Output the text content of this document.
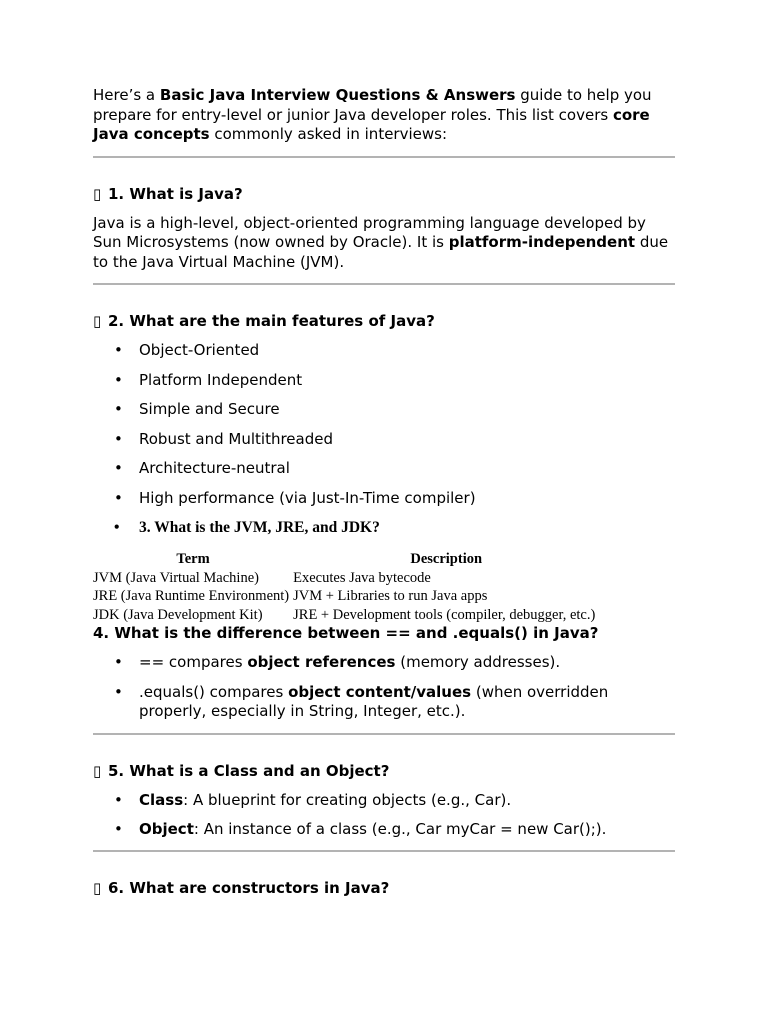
Here’s a Basic Java Interview Questions & Answers guide to help you prepare for entry-level or junior Java developer roles. This list covers core Java concepts commonly asked in interviews:

▯ 1. What is Java?

Java is a high-level, object-oriented programming language developed by Sun Microsystems (now owned by Oracle). It is platform-independent due to the Java Virtual Machine (JVM).

▯ 2. What are the main features of Java?
• Object-Oriented
• Platform Independent
• Simple and Secure
• Robust and Multithreaded
• Architecture-neutral
• High performance (via Just-In-Time compiler)
• 3. What is the JVM, JRE, and JDK?
Term	Description
JVM (Java Virtual Machine)	Executes Java bytecode
JRE (Java Runtime Environment)	JVM + Libraries to run Java apps
JDK (Java Development Kit)	JRE + Development tools (compiler, debugger, etc.)
4. What is the difference between == and .equals() in Java?
• == compares object references (memory addresses).
• .equals() compares object content/values (when overridden properly, especially in String, Integer, etc.).
▯ 5. What is a Class and an Object?
• Class: A blueprint for creating objects (e.g., Car).
• Object: An instance of a class (e.g., Car myCar = new Car();).
▯ 6. What are constructors in Java?
